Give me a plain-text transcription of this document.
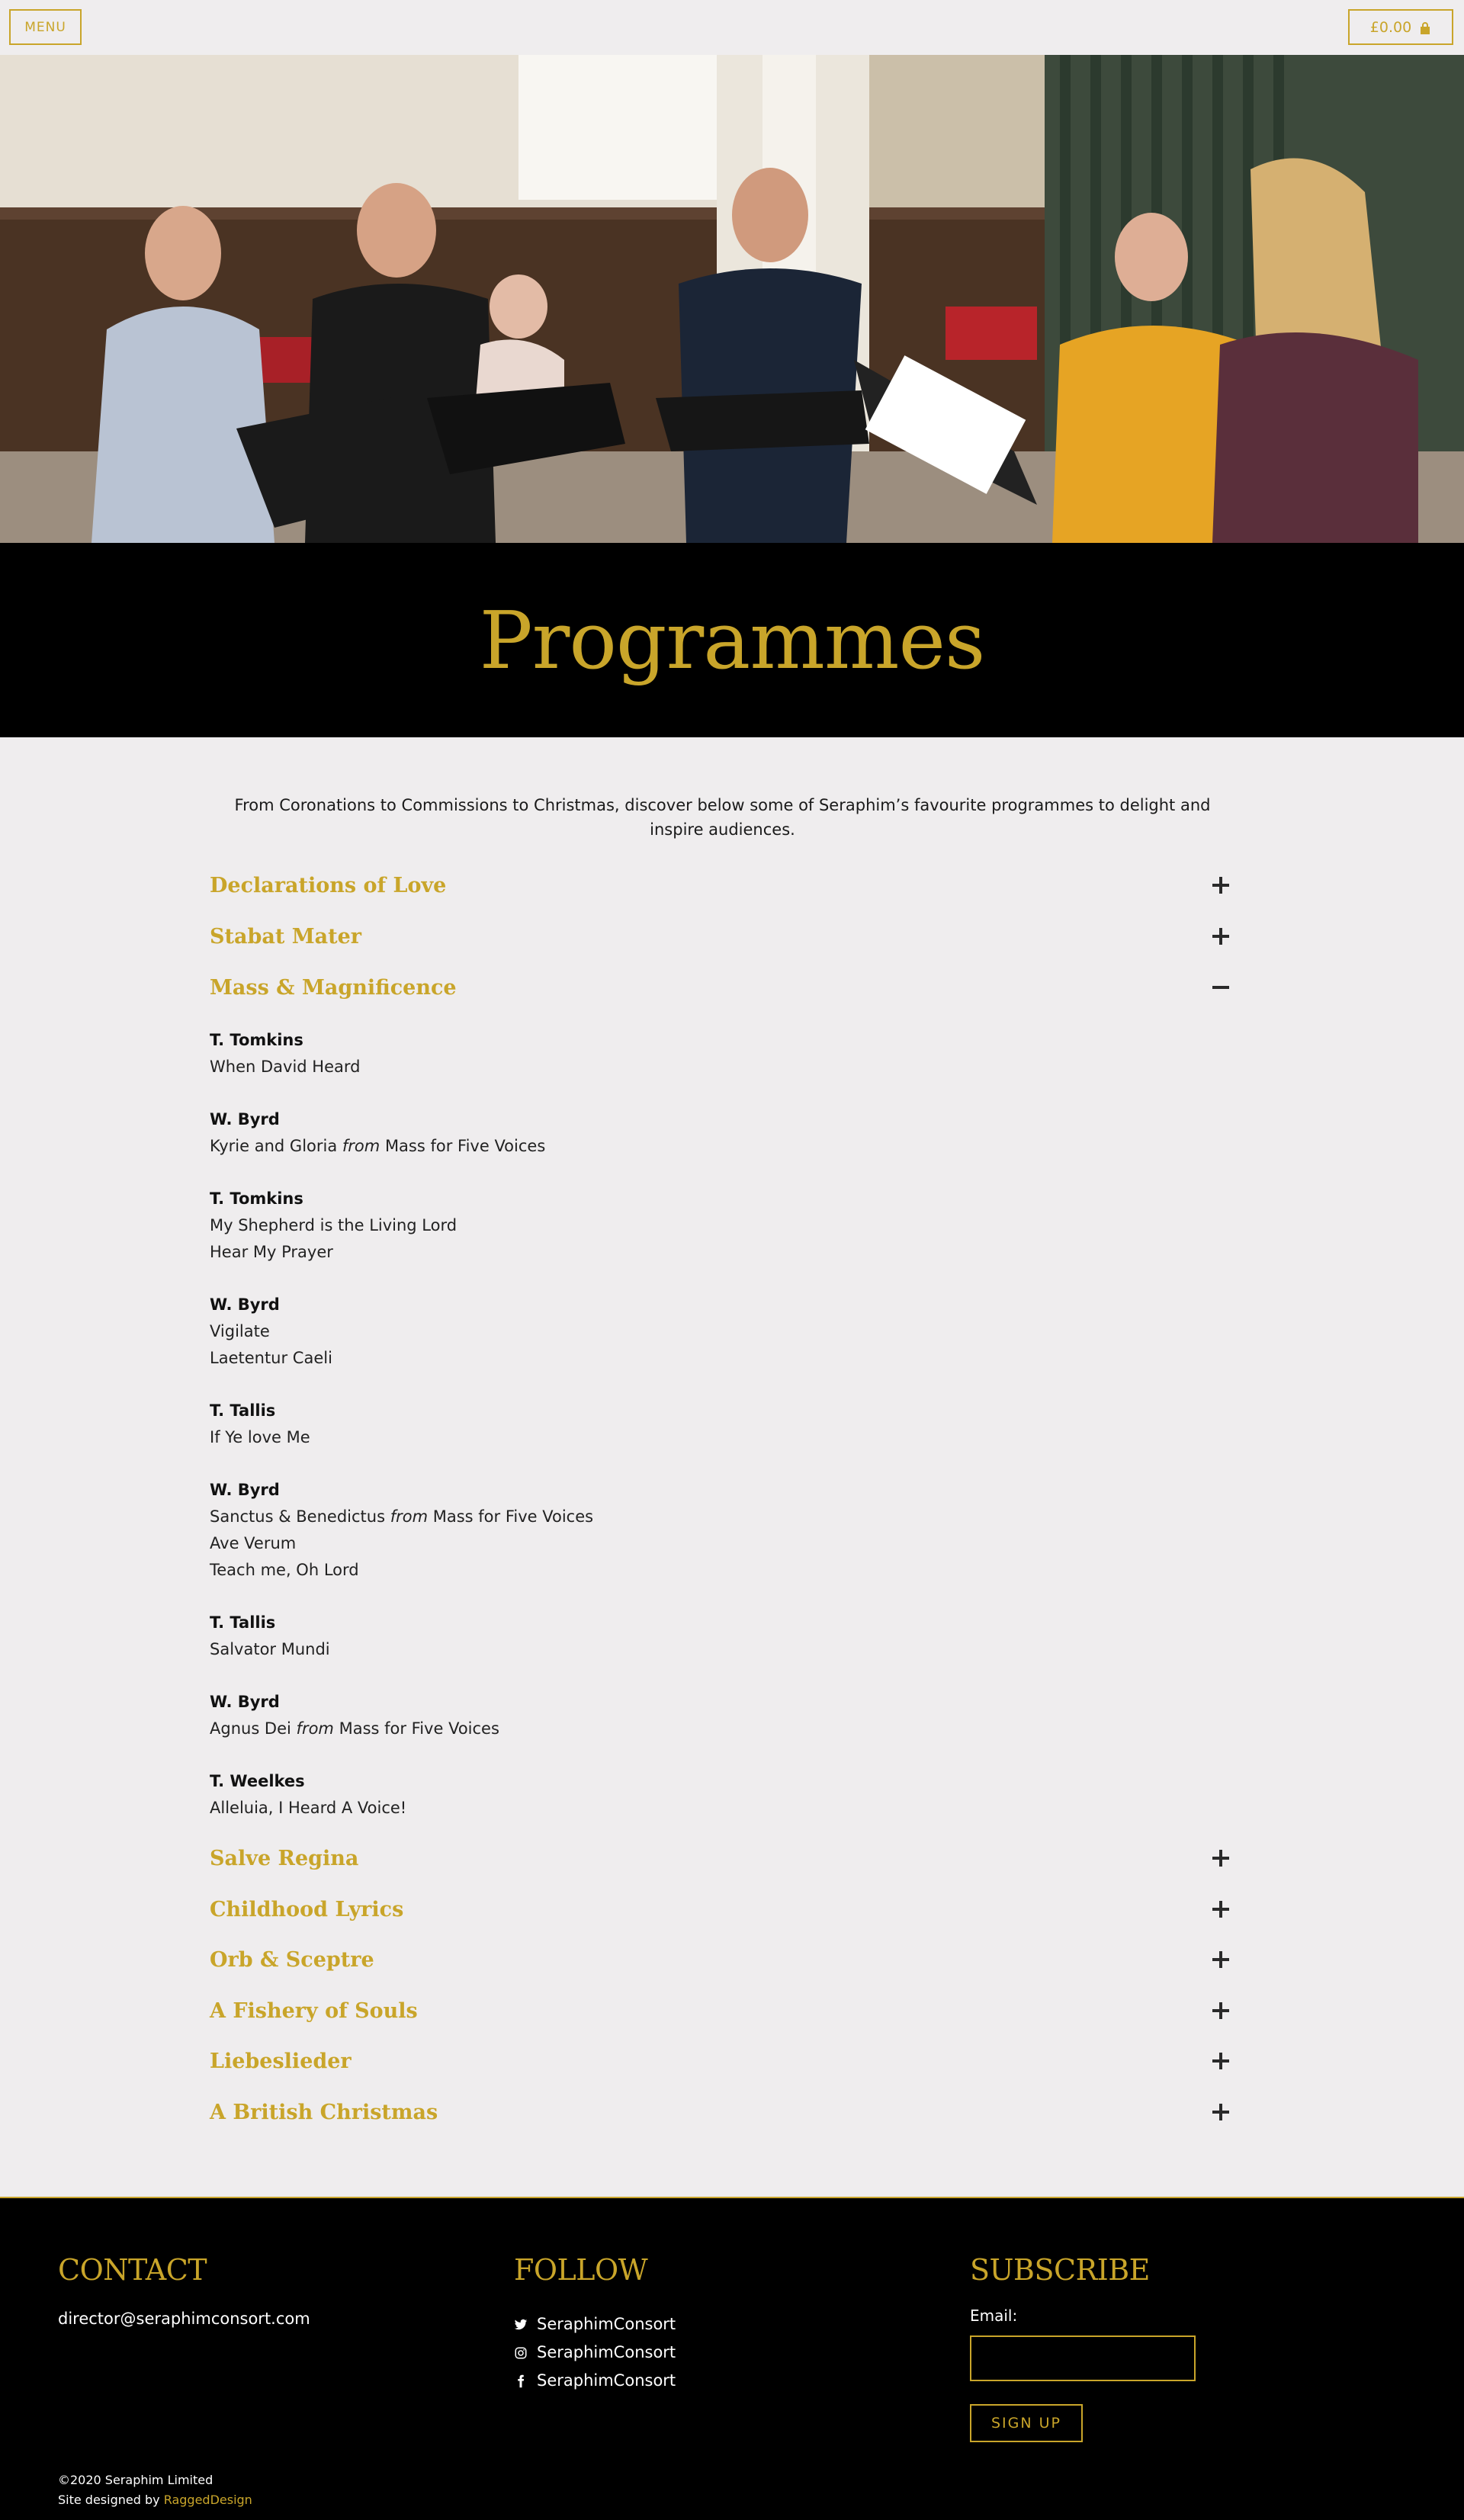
MENU	£0.00
Programmes

From Coronations to Commissions to Christmas, discover below some of Seraphim’s favourite programmes to delight and inspire audiences.

Declarations of Love
Stabat Mater
Mass & Magnificence
T. Tomkins
When David Heard
W. Byrd
Kyrie and Gloria from Mass for Five Voices
T. Tomkins
My Shepherd is the Living Lord
Hear My Prayer
W. Byrd
Vigilate
Laetentur Caeli
T. Tallis
If Ye love Me
W. Byrd
Sanctus & Benedictus from Mass for Five Voices
Ave Verum
Teach me, Oh Lord
T. Tallis
Salvator Mundi
W. Byrd
Agnus Dei from Mass for Five Voices
T. Weelkes
Alleluia, I Heard A Voice!
Salve Regina
Childhood Lyrics
Orb & Sceptre
A Fishery of Souls
Liebeslieder
A British Christmas
CONTACT
director@seraphimconsort.com
FOLLOW
SeraphimConsort
SeraphimConsort
SeraphimConsort
SUBSCRIBE
Email:
SIGN UP
©2020 Seraphim Limited
Site designed by RaggedDesign
